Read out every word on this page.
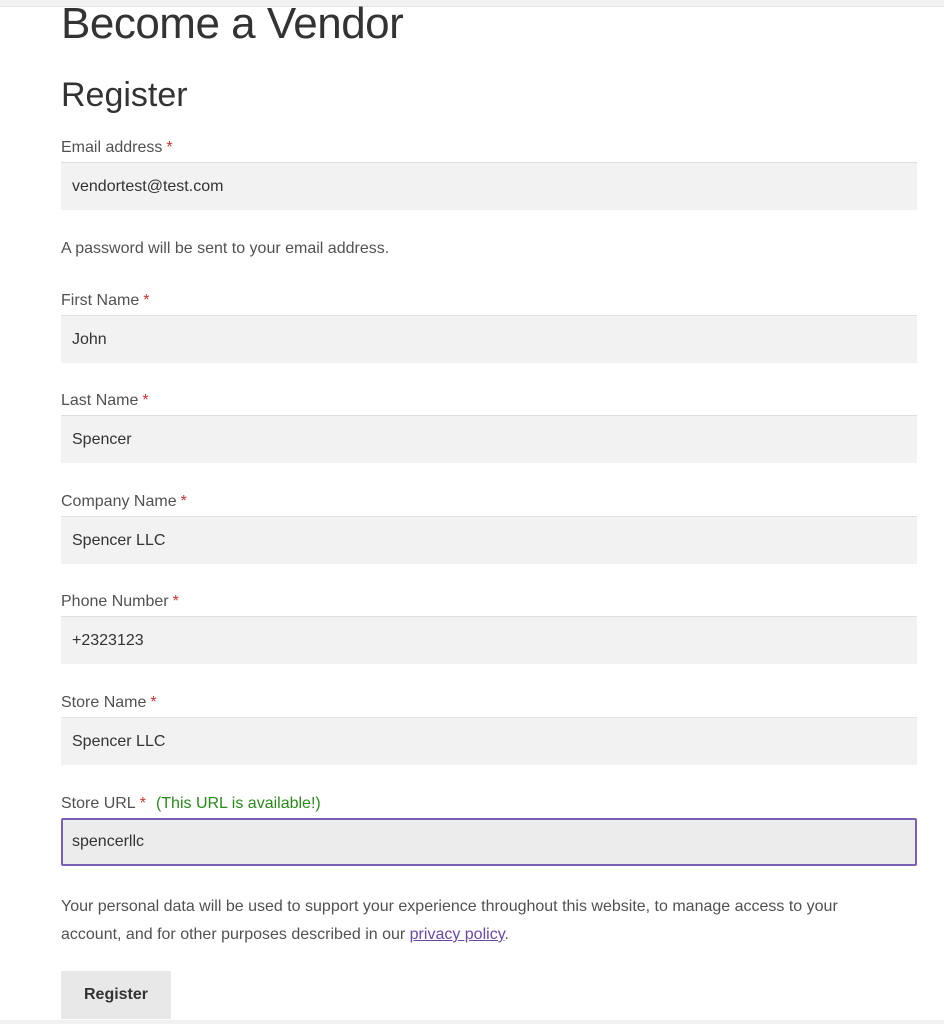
Become a Vendor
Register
Email address *
vendortest@test.com
A password will be sent to your email address.
First Name *
John
Last Name *
Spencer
Company Name *
Spencer LLC
Phone Number *
+2323123
Store Name *
Spencer LLC
Store URL * (This URL is available!)
spencerllc

Your personal data will be used to support your experience throughout this website, to manage access to your account, and for other purposes described in our privacy policy.

Register
